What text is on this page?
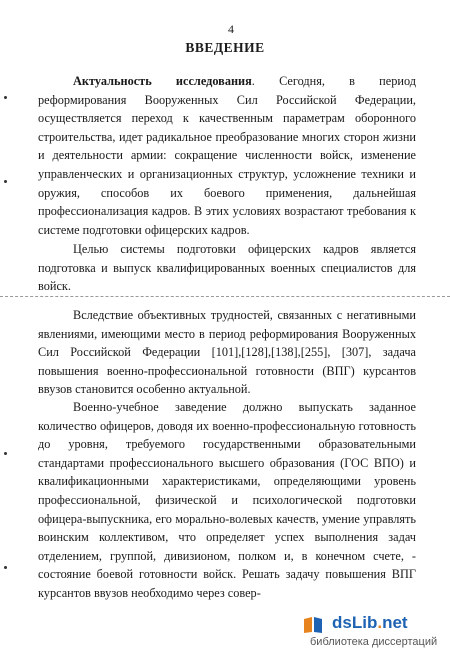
4
ВВЕДЕНИЕ

Актуальность исследования. Сегодня, в период реформирования Вооруженных Сил Российской Федерации, осуществляется переход к качественным параметрам оборонного строительства, идет радикальное преобразование многих сторон жизни и деятельности армии: сокращение численности войск, изменение управленческих и организационных структур, усложнение техники и оружия, способов их боевого применения, дальнейшая профессионализация кадров. В этих условиях возрастают требования к системе подготовки офицерских кадров.

Целью системы подготовки офицерских кадров является подготовка и выпуск квалифицированных военных специалистов для войск.

Вследствие объективных трудностей, связанных с негативными явлениями, имеющими место в период реформирования Вооруженных Сил Российской Федерации [101],[128],[138],[255], [307], задача повышения военно-профессиональной готовности (ВПГ) курсантов ввузов становится особенно актуальной.

Военно-учебное заведение должно выпускать заданное количество офицеров, доводя их военно-профессиональную готовность до уровня, требуемого государственными образовательными стандартами профессионального высшего образования (ГОС ВПО) и квалификационными характеристиками, определяющими уровень профессиональной, физической и психологической подготовки офицера-выпускника, его морально-волевых качеств, умение управлять воинским коллективом, что определяет успех выполнения задач отделением, группой, дивизионом, полком и, в конечном счете, - состояние боевой готовности войск. Решать задачу повышения ВПГ курсантов ввузов необходимо через совер-

dsLib.net
библиотека диссертаций
